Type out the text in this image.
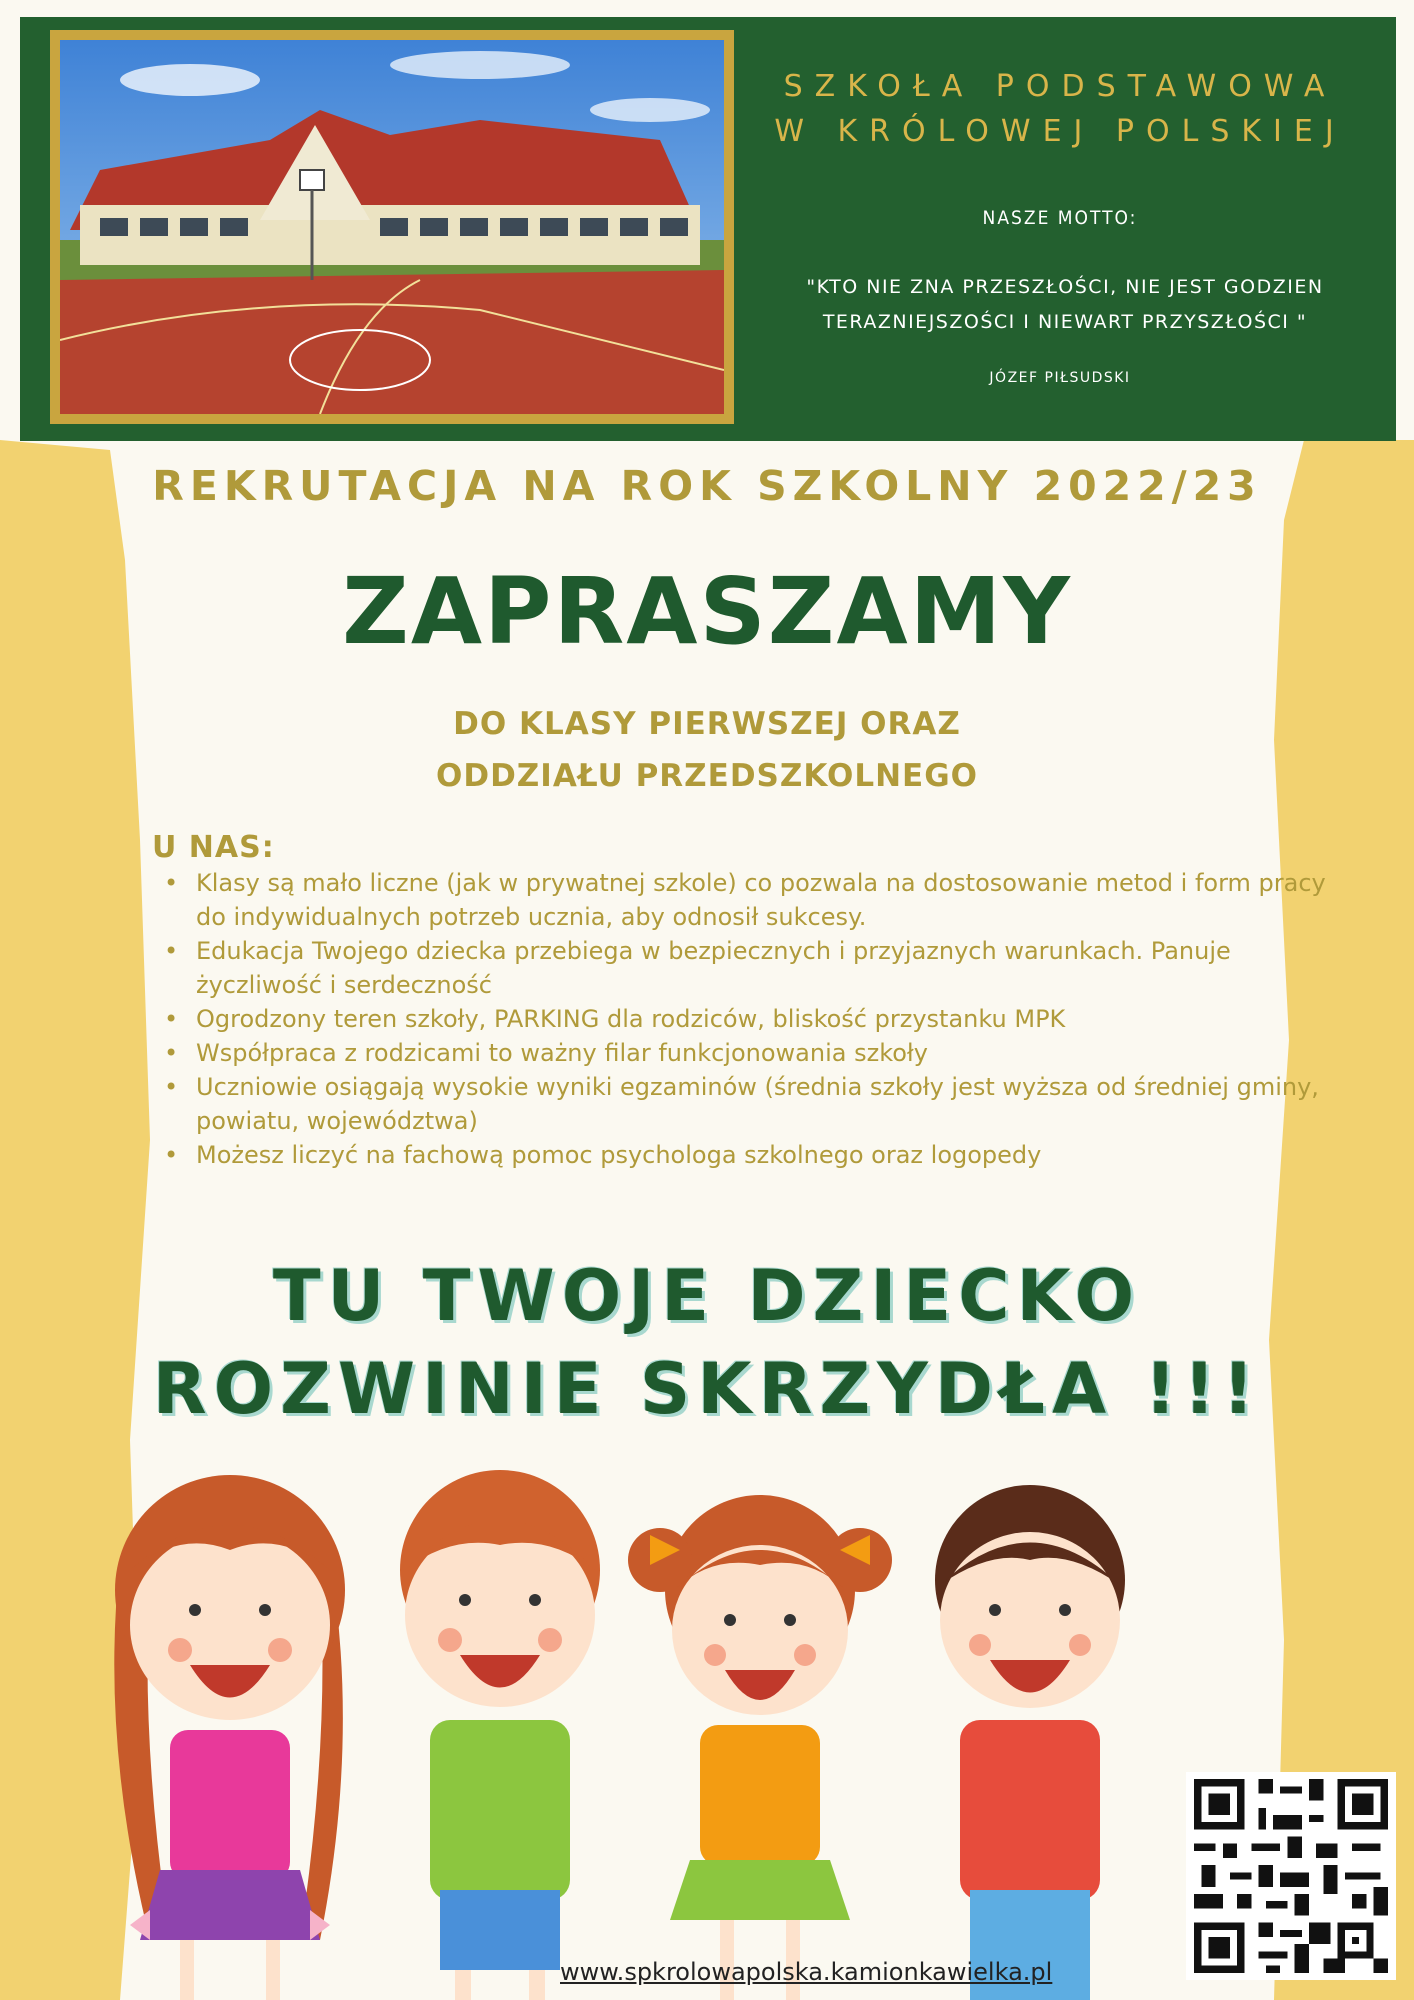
SZKOŁA PODSTAWOWA
W KRÓLOWEJ POLSKIEJ
NASZE MOTTO:
"KTO NIE ZNA PRZESZŁOŚCI, NIE JEST GODZIEN
TERAZNIEJSZOŚCI I NIEWART PRZYSZŁOŚCI "
JÓZEF PIŁSUDSKI
REKRUTACJA NA ROK SZKOLNY 2022/23
ZAPRASZAMY
DO KLASY PIERWSZEJ ORAZ
ODDZIAŁU PRZEDSZKOLNEGO
U NAS:
• Klasy są mało liczne (jak w prywatnej szkole) co pozwala na dostosowanie metod i form pracy do indywidualnych potrzeb ucznia, aby odnosił sukcesy.
• Edukacja Twojego dziecka przebiega w bezpiecznych i przyjaznych warunkach. Panuje życzliwość i serdeczność
• Ogrodzony teren szkoły, PARKING dla rodziców, bliskość przystanku MPK
• Współpraca z rodzicami to ważny filar funkcjonowania szkoły
• Uczniowie osiągają wysokie wyniki egzaminów (średnia szkoły jest wyższa od średniej gminy, powiatu, województwa)
• Możesz liczyć na fachową pomoc psychologa szkolnego oraz logopedy
TU TWOJE DZIECKO
ROZWINIE SKRZYDŁA !!!
www.spkrolowapolska.kamionkawielka.pl
